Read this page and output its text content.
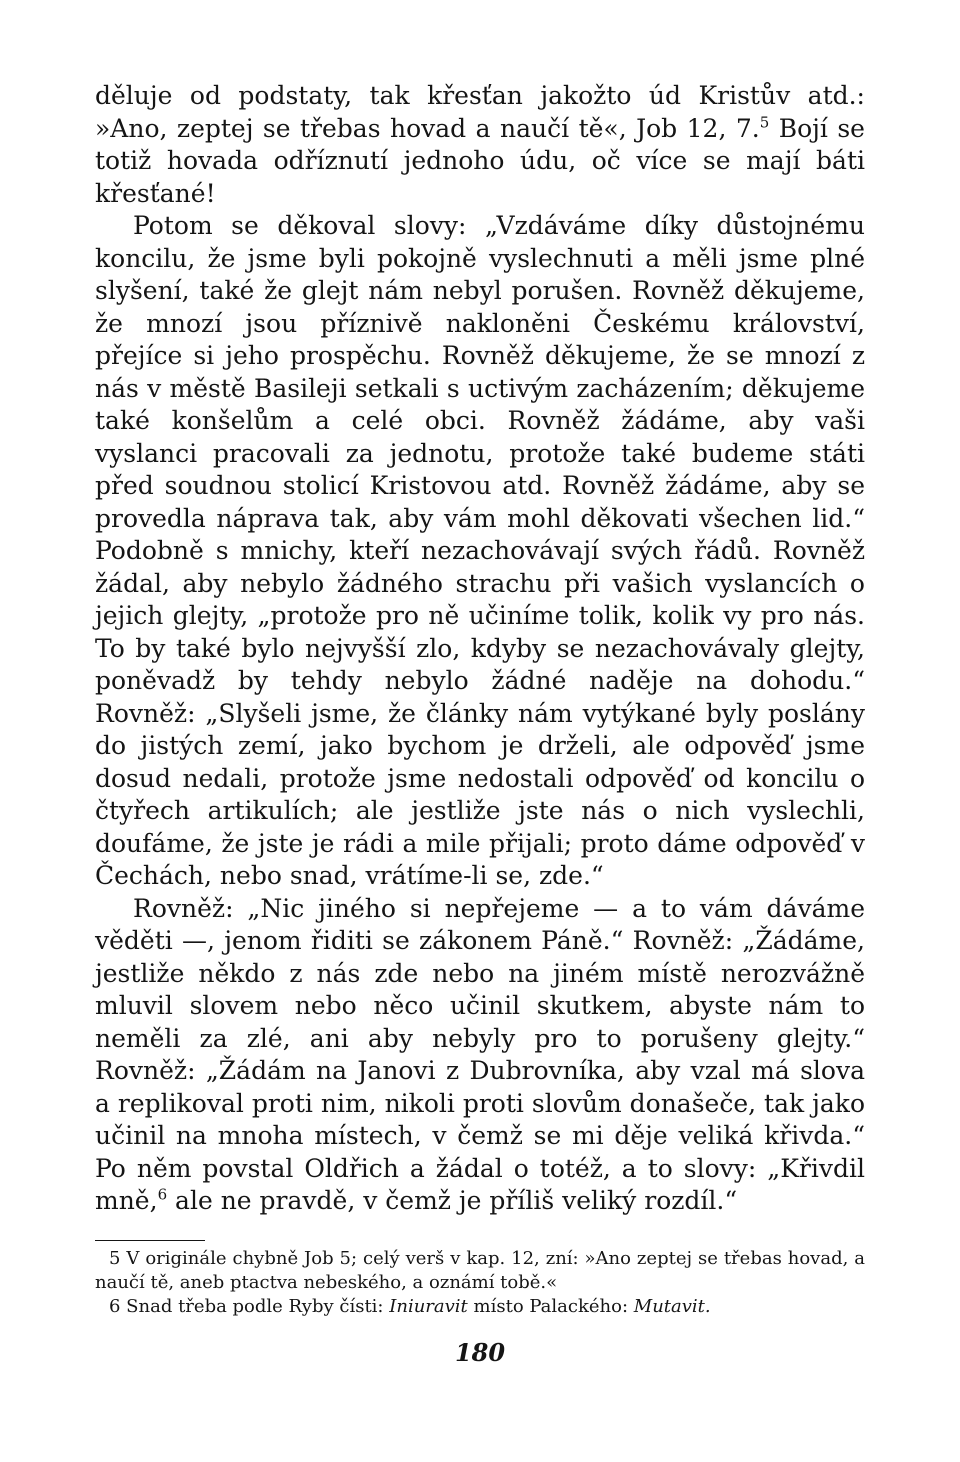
děluje od podstaty, tak křesťan jakožto úd Kristův atd.: »Ano, zeptej se třebas hovad a naučí tě«, Job 12, 7.$^5$ Bojí se totiž hovada odříznutí jednoho údu, oč více se mají báti křesťané!

Potom se děkoval slovy: „Vzdáváme díky důstojnému koncilu, že jsme byli pokojně vyslechnuti a měli jsme plné slyšení, také že glejt nám nebyl porušen. Rovněž děkujeme, že mnozí jsou příznivě nakloněni Českému království, přejíce si jeho prospěchu. Rovněž děkujeme, že se mnozí z nás v městě Basileji setkali s uctivým zacházením; děkujeme také konšelům a celé obci. Rovněž žádáme, aby vaši vyslanci pracovali za jednotu, protože také budeme státi před soudnou stolicí Kristovou atd. Rovněž žádáme, aby se provedla náprava tak, aby vám mohl děkovati všechen lid.“ Podobně s mnichy, kteří nezachovávají svých řádů. Rovněž žádal, aby nebylo žádného strachu při vašich vyslancích o jejich glejty, „protože pro ně učiníme tolik, kolik vy pro nás. To by také bylo nejvyšší zlo, kdyby se nezachovávaly glejty, poněvadž by tehdy nebylo žádné naděje na dohodu.“ Rovněž: „Slyšeli jsme, že články nám vytýkané byly poslány do jistých zemí, jako bychom je drželi, ale odpověď jsme dosud nedali, protože jsme nedostali odpověď od koncilu o čtyřech artikulích; ale jestliže jste nás o nich vyslechli, doufáme, že jste je rádi a mile přijali; proto dáme odpověď v Čechách, nebo snad, vrátíme-li se, zde.“

Rovněž: „Nic jiného si nepřejeme — a to vám dáváme věděti —, jenom řiditi se zákonem Páně.“ Rovněž: „Žádáme, jestliže někdo z nás zde nebo na jiném místě nerozvážně mluvil slovem nebo něco učinil skutkem, abyste nám to neměli za zlé, ani aby nebyly pro to porušeny glejty.“ Rovněž: „Žádám na Janovi z Dubrovníka, aby vzal má slova a replikoval proti nim, nikoli proti slovům donašeče, tak jako učinil na mnoha místech, v čemž se mi děje veliká křivda.“ Po něm povstal Oldřich a žádal o totéž, a to slovy: „Křivdil mně,$^6$ ale ne pravdě, v čemž je příliš veliký rozdíl.“

5 V originále chybně Job 5; celý verš v kap. 12, zní: »Ano zeptej se třebas hovad, a naučí tě, aneb ptactva nebeského, a oznámí tobě.«

6 Snad třeba podle Ryby čísti: Iniuravit místo Palackého: Mutavit.

180
